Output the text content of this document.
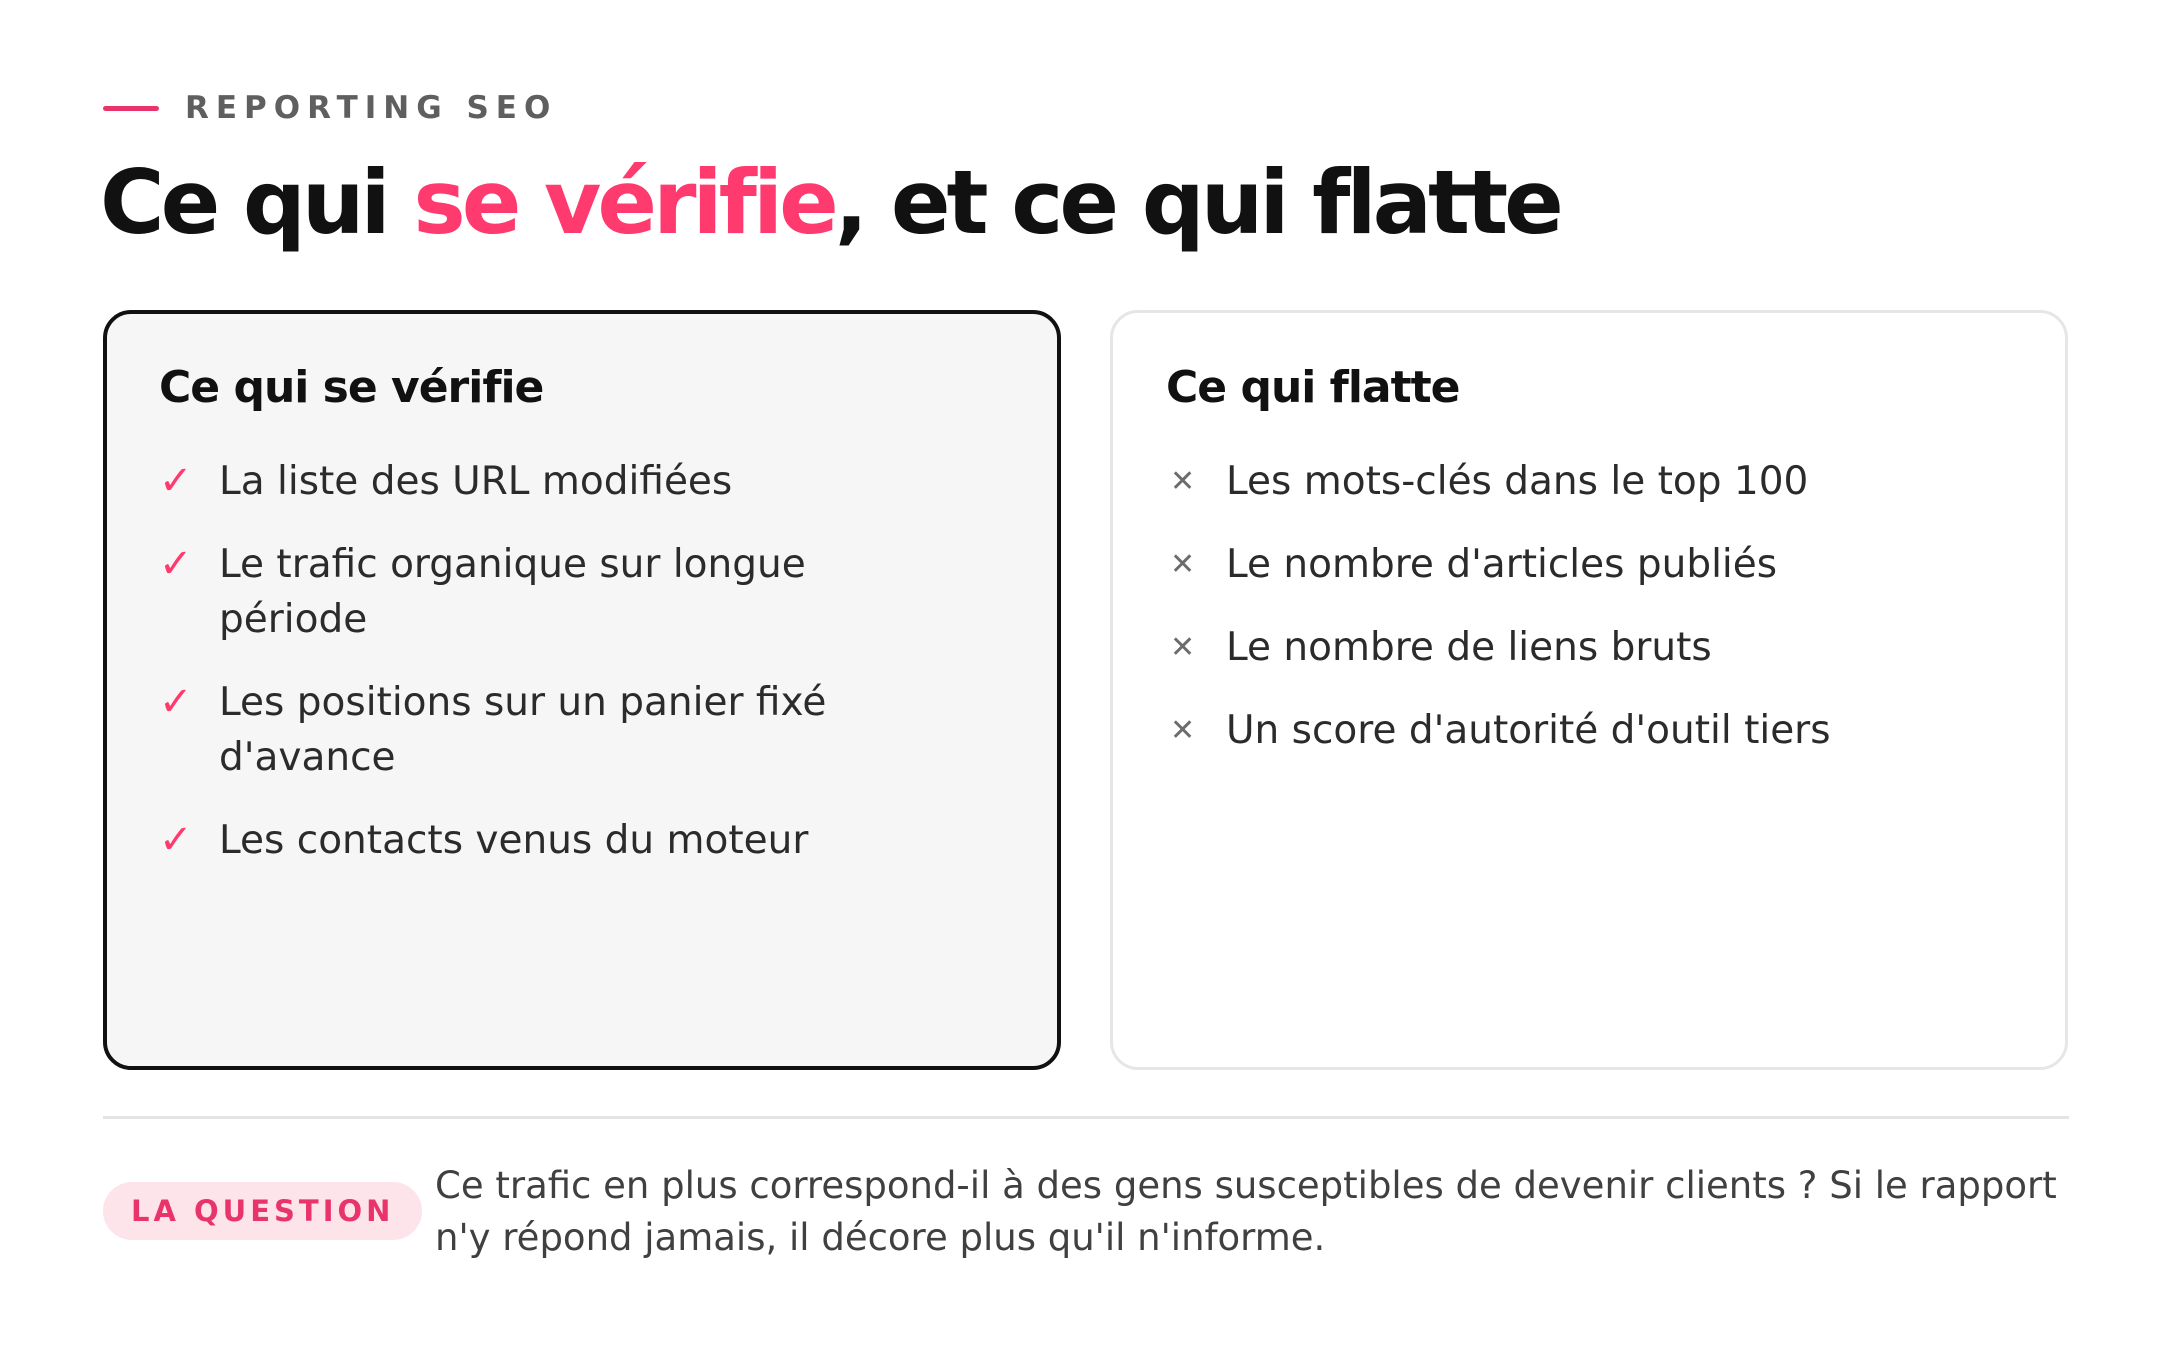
REPORTING SEO
Ce qui se vérifie, et ce qui flatte
Ce qui se vérifie
✓ La liste des URL modifiées
✓ Le trafic organique sur longue période
✓ Les positions sur un panier fixé d'avance
✓ Les contacts venus du moteur
Ce qui flatte
✕ Les mots-clés dans le top 100
✕ Le nombre d'articles publiés
✕ Le nombre de liens bruts
✕ Un score d'autorité d'outil tiers
LA QUESTION

Ce trafic en plus correspond-il à des gens susceptibles de devenir clients ? Si le rapport n'y répond jamais, il décore plus qu'il n'informe.
